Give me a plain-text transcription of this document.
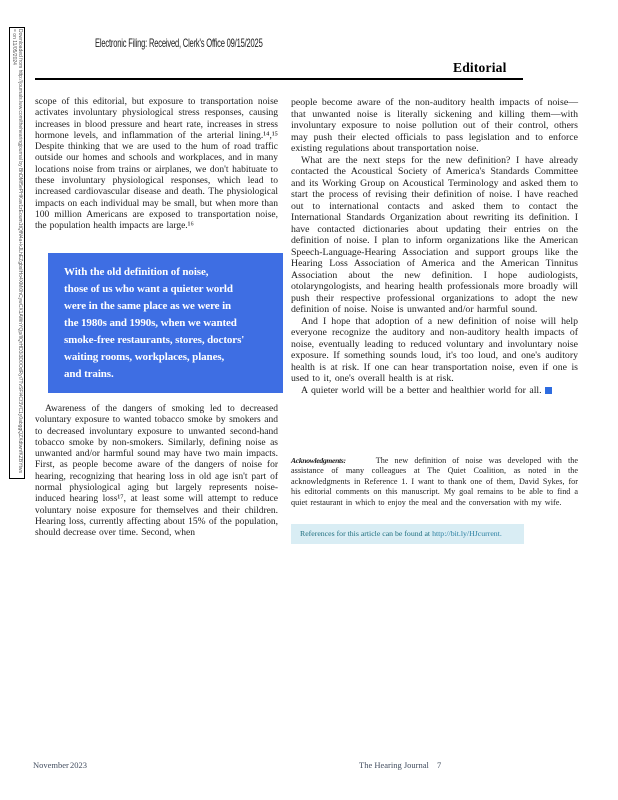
Downloaded from http://journals.lww.com/thehearingjournal by BhDMf5ePHKav1zEoum1tQfN4a+kJLhEZgbsIHo4XMi0hCywCX1AWnYQp/IlQrHD3i3D0OdRyi7TvSFl4Cf3VC1y0abggQZXdtwnfKZBYtws= on 11/05/2024	Electronic Filing: Received, Clerk's Office 09/15/2025
Editorial
scope of this editorial, but exposure to transportation noise activates involuntary physiological stress responses, causing increases in blood pressure and heart rate, increases in stress hormone levels, and inflammation of the arterial lining.¹⁴,¹⁵ Despite thinking that we are used to the hum of road traffic outside our homes and schools and workplaces, and in many locations noise from trains or airplanes, we don't habituate to these involuntary physiological responses, which lead to increased cardiovascular disease and death. The physiological impacts on each individual may be small, but when more than 100 million Americans are exposed to transportation noise, the population health impacts are large.¹⁶
With the old definition of noise,
those of us who want a quieter world
were in the same place as we were in
the 1980s and 1990s, when we wanted
smoke-free restaurants, stores, doctors'
waiting rooms, workplaces, planes,
and trains.
Awareness of the dangers of smoking led to decreased voluntary exposure to wanted tobacco smoke by smokers and to decreased involuntary exposure to unwanted second-hand tobacco smoke by non-smokers. Similarly, defining noise as unwanted and/or harmful sound may have two main impacts. First, as people become aware of the dangers of noise for hearing, recognizing that hearing loss in old age isn't part of normal physiological aging but largely represents noise-induced hearing loss¹⁷, at least some will attempt to reduce voluntary noise exposure for themselves and their children. Hearing loss, currently affecting about 15% of the population, should decrease over time. Second, when

people become aware of the non-auditory health impacts of noise—that unwanted noise is literally sickening and killing them—with involuntary exposure to noise pollution out of their control, others may push their elected officials to pass legislation and to enforce existing regulations about transportation noise.

What are the next steps for the new definition? I have already contacted the Acoustical Society of America's Standards Committee and its Working Group on Acoustical Terminology and asked them to start the process of revising their definition of noise. I have reached out to international contacts and asked them to contact the International Standards Organization about rewriting its definition. I have contacted dictionaries about updating their entries on the definition of noise. I plan to inform organizations like the American Speech-Language-Hearing Association and support groups like the Hearing Loss Association of America and the American Tinnitus Association about the new definition. I hope audiologists, otolaryngologists, and hearing health professionals more broadly will push their respective professional organizations to adopt the new definition of noise. Noise is unwanted and/or harmful sound.

And I hope that adoption of a new definition of noise will help everyone recognize the auditory and non-auditory health impacts of noise, eventually leading to reduced voluntary and involuntary noise exposure. If something sounds loud, it's too loud, and one's auditory health is at risk. If one can hear transportation noise, even if one is used to it, one's overall health is at risk.

A quieter world will be a better and healthier world for all.

Acknowledgments:	The new definition of noise was developed with the assistance of many colleagues at The Quiet Coalition, as noted in the acknowledgments in Reference 1. I want to thank one of them, David Sykes, for his editorial comments on this manuscript. My goal remains to be able to find a quiet restaurant in which to enjoy the meal and the conversation with my wife.
References for this article can be found at http://bit.ly/HJcurrent.
November 2023	The Hearing Journal 7
